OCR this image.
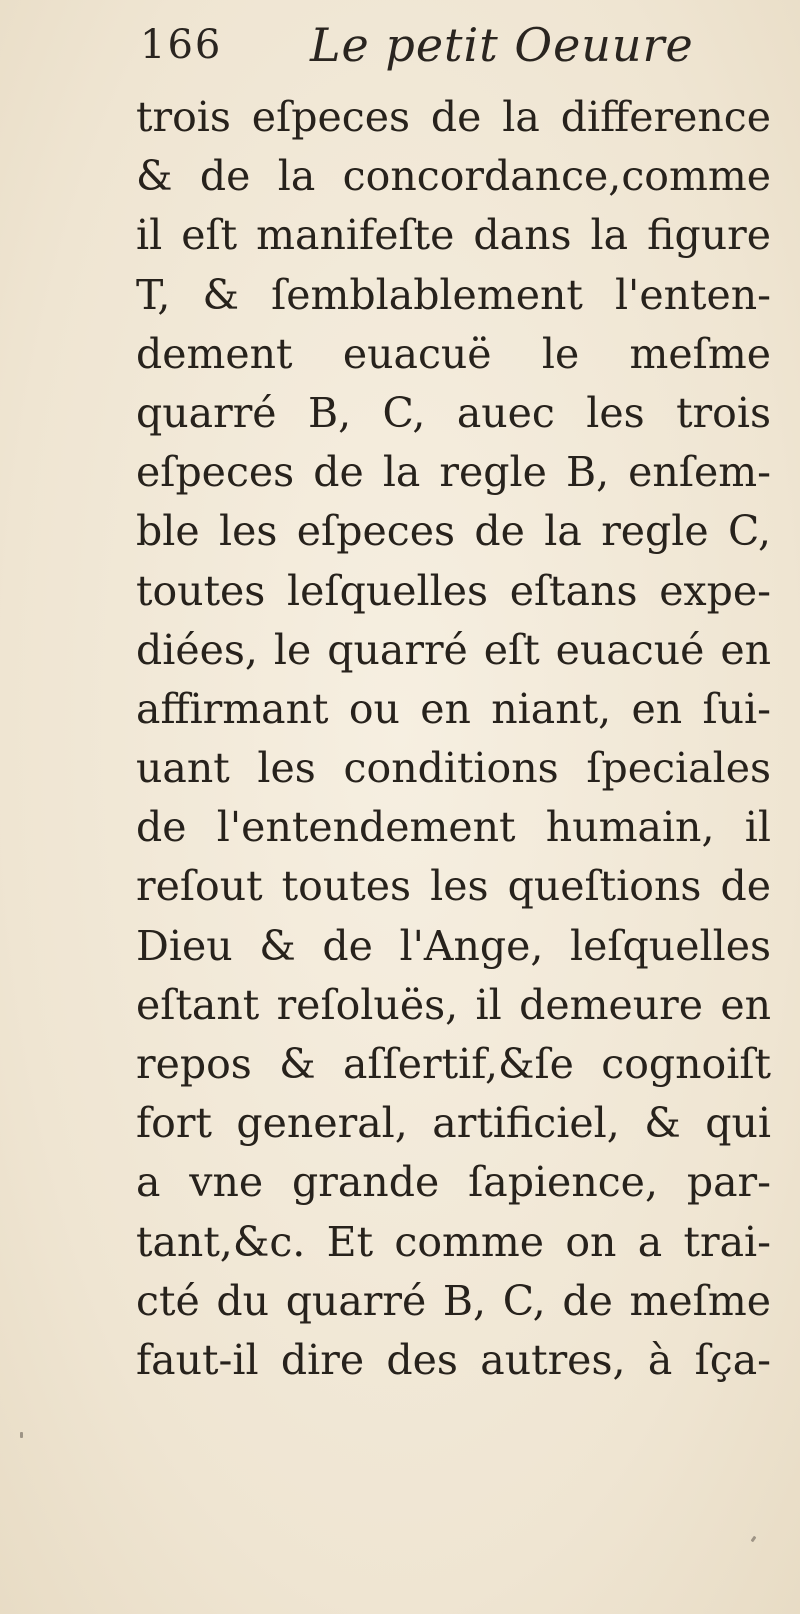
166 Le petit Oeuure
trois eſpeces de la difference
& de la concordance,comme
il eſt manifeſte dans la figure
T, & ſemblablement l'enten-
dement euacuë le meſme
quarré B, C, auec les trois
eſpeces de la regle B, enſem-
ble les eſpeces de la regle C,
toutes leſquelles eſtans expe-
diées, le quarré eſt euacué en
affirmant ou en niant, en ſui-
uant les conditions ſpeciales
de l'entendement humain, il
reſout toutes les queſtions de
Dieu & de l'Ange, leſquelles
eſtant reſoluës, il demeure en
repos & aſſertif,&ſe cognoiſt
fort general, artificiel, & qui
a vne grande ſapience, par-
tant,&c. Et comme on a trai-
cté du quarré B, C, de meſme
faut-il dire des autres, à ſça-
